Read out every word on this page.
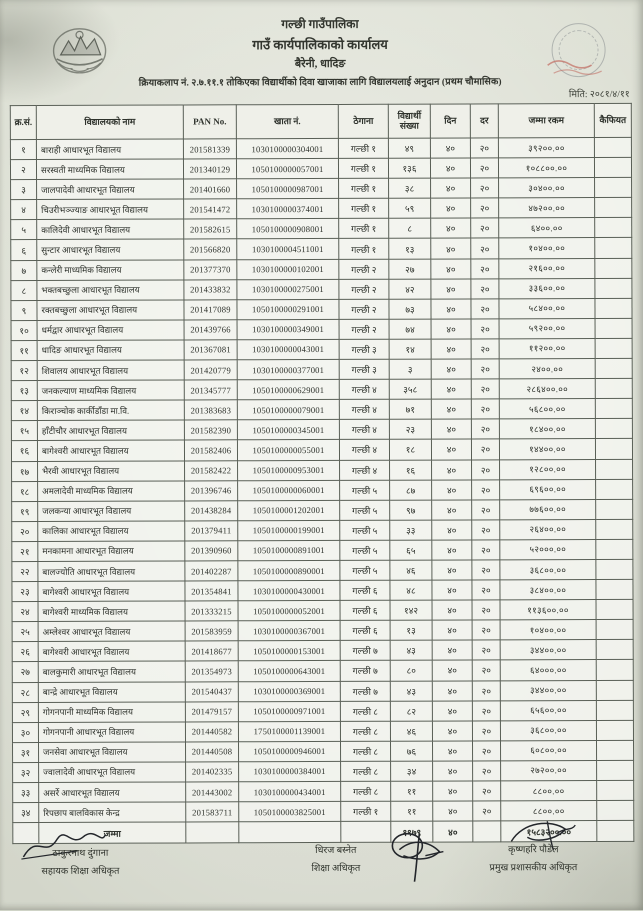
गल्छी गाउँपालिका
गाउँ कार्यपालिकाको कार्यालय
बैरेनी, धादिङ
क्रियाकलाप नं. २.७.११.१ तोकिएका विद्यार्थीको दिवा खाजाका लागि विद्यालयलाई अनुदान (प्रथम चौमासिक)
मिति: २०८१/४/११
क्र.सं.	विद्यालयको नाम	PAN No.	खाता नं.	ठेगाना	विद्यार्थी संख्या	दिन	दर	जम्मा रकम	कैफियत
१	बाराही आधारभूत विद्यालय	201581339	1030100000304001	गल्छी १	४९	४०	२०	३९२००.००	
२	सरस्वती माध्यमिक विद्यालय	201340129	1050100000057001	गल्छी १	१३६	४०	२०	१०८८००.००	
३	जालपादेवी आधारभूत विद्यालय	201401660	1050100000987001	गल्छी १	३८	४०	२०	३०४००.००	
४	चिउरीभञ्ज्याङ आधारभूत विद्यालय	201541472	1030100000374001	गल्छी १	५९	४०	२०	४७२००.००	
५	कालिदेवी आधारभूत विद्यालय	201582615	1050100000908001	गल्छी १	८	४०	२०	६४००.००	
६	सुन्टार आधारभूत विद्यालय	201566820	1030100004511001	गल्छी १	१३	४०	२०	१०४००.००	
७	कन्लेरी माध्यमिक विद्यालय	201377370	1030100000102001	गल्छी २	२७	४०	२०	२१६००.००	
८	भक्तबच्छुला आधारभूत विद्यालय	201433832	1030100000275001	गल्छी २	४२	४०	२०	३३६००.००	
९	रक्तबच्छुला आधारभूत विद्यालय	201417089	1050100000291001	गल्छी २	७३	४०	२०	५८४००.००	
१०	धर्मद्वार आधारभूत विद्यालय	201439766	1030100000349001	गल्छी २	७४	४०	२०	५९२००.००	
११	धादिङ आधारभूत विद्यालय	201367081	1030100000043001	गल्छी ३	१४	४०	२०	११२००.००	
१२	शिवालय आधारभूत विद्यालय	201420779	1030100000377001	गल्छी ३	३	४०	२०	२४००.००	
१३	जनकल्याण माध्यमिक विद्यालय	201345777	1050100000629001	गल्छी ४	३५८	४०	२०	२८६४००.००	
१४	किराञ्चोक कार्कीडाँडा मा.वि.	201383683	1050100000079001	गल्छी ४	७१	४०	२०	५६८००.००	
१५	हाँटीचौर आधारभूत विद्यालय	201582390	1050100000345001	गल्छी ४	२३	४०	२०	१८४००.००	
१६	बागेश्वरी आधारभूत विद्यालय	201582406	1050100000055001	गल्छी ४	१८	४०	२०	१४४००.००	
१७	भैरवी आधारभूत विद्यालय	201582422	1050100000953001	गल्छी ४	१६	४०	२०	१२८००.००	
१८	अमलादेवी माध्यमिक विद्यालय	201396746	1050100000060001	गल्छी ५	८७	४०	२०	६९६००.००	
१९	जलकन्या आधारभूत विद्यालय	201438284	1050100001202001	गल्छी ५	९७	४०	२०	७७६००.००	
२०	कालिका आधारभूत विद्यालय	201379411	1050100000199001	गल्छी ५	३३	४०	२०	२६४००.००	
२१	मनकामना आधारभूत विद्यालय	201390960	1050100000891001	गल्छी ५	६५	४०	२०	५२०००.००	
२२	बालज्योति आधारभूत विद्यालय	201402287	1050100000890001	गल्छी ५	४६	४०	२०	३६८००.००	
२३	बागेश्वरी आधारभूत विद्यालय	201354841	1030100000430001	गल्छी ६	४८	४०	२०	३८४००.००	
२४	बागेश्वरी माध्यमिक विद्यालय	201333215	1050100000052001	गल्छी ६	१४२	४०	२०	११३६००.००	
२५	अम्लेश्वर आधारभूत विद्यालय	201583959	1030100000367001	गल्छी ६	१३	४०	२०	१०४००.००	
२६	बागेश्वरी आधारभूत विद्यालय	201418677	1050100000153001	गल्छी ७	४३	४०	२०	३४४००.००	
२७	बालकुमारी आधारभूत विद्यालय	201354973	1050100000643001	गल्छी ७	८०	४०	२०	६४०००.००	
२८	बान्द्रे आधारभूत विद्यालय	201540437	1030100000369001	गल्छी ७	४३	४०	२०	३४४००.००	
२९	गोगनपानी माध्यमिक विद्यालय	201479157	1050100000971001	गल्छी ८	८२	४०	२०	६५६००.००	
३०	गोगनपानी आधारभूत विद्यालय	201440582	1750100001139001	गल्छी ८	४६	४०	२०	३६८००.००	
३१	जनसेवा आधारभूत विद्यालय	201440508	1050100000946001	गल्छी ८	७६	४०	२०	६०८००.००	
३२	ज्वालादेवी आधारभूत विद्यालय	201402335	1030100000384001	गल्छी ८	३४	४०	२०	२७२००.००	
३३	असर्रे आधारभूत विद्यालय	201443002	1030100000434001	गल्छी ८	११	४०	२०	८८००.००	
३४	रिपछाप बालविकास केन्द्र	201583711	1050100003825001	गल्छी १	११	४०	२०	८८००.००	
	जम्मा				१९७९	४०		१५८३२००.००	
ठाकुरनाथ दुंगाना
सहायक शिक्षा अधिकृत
धिरज बस्नेत
शिक्षा अधिकृत
कृष्णहरि पौडेल
प्रमुख प्रशासकीय अधिकृत
